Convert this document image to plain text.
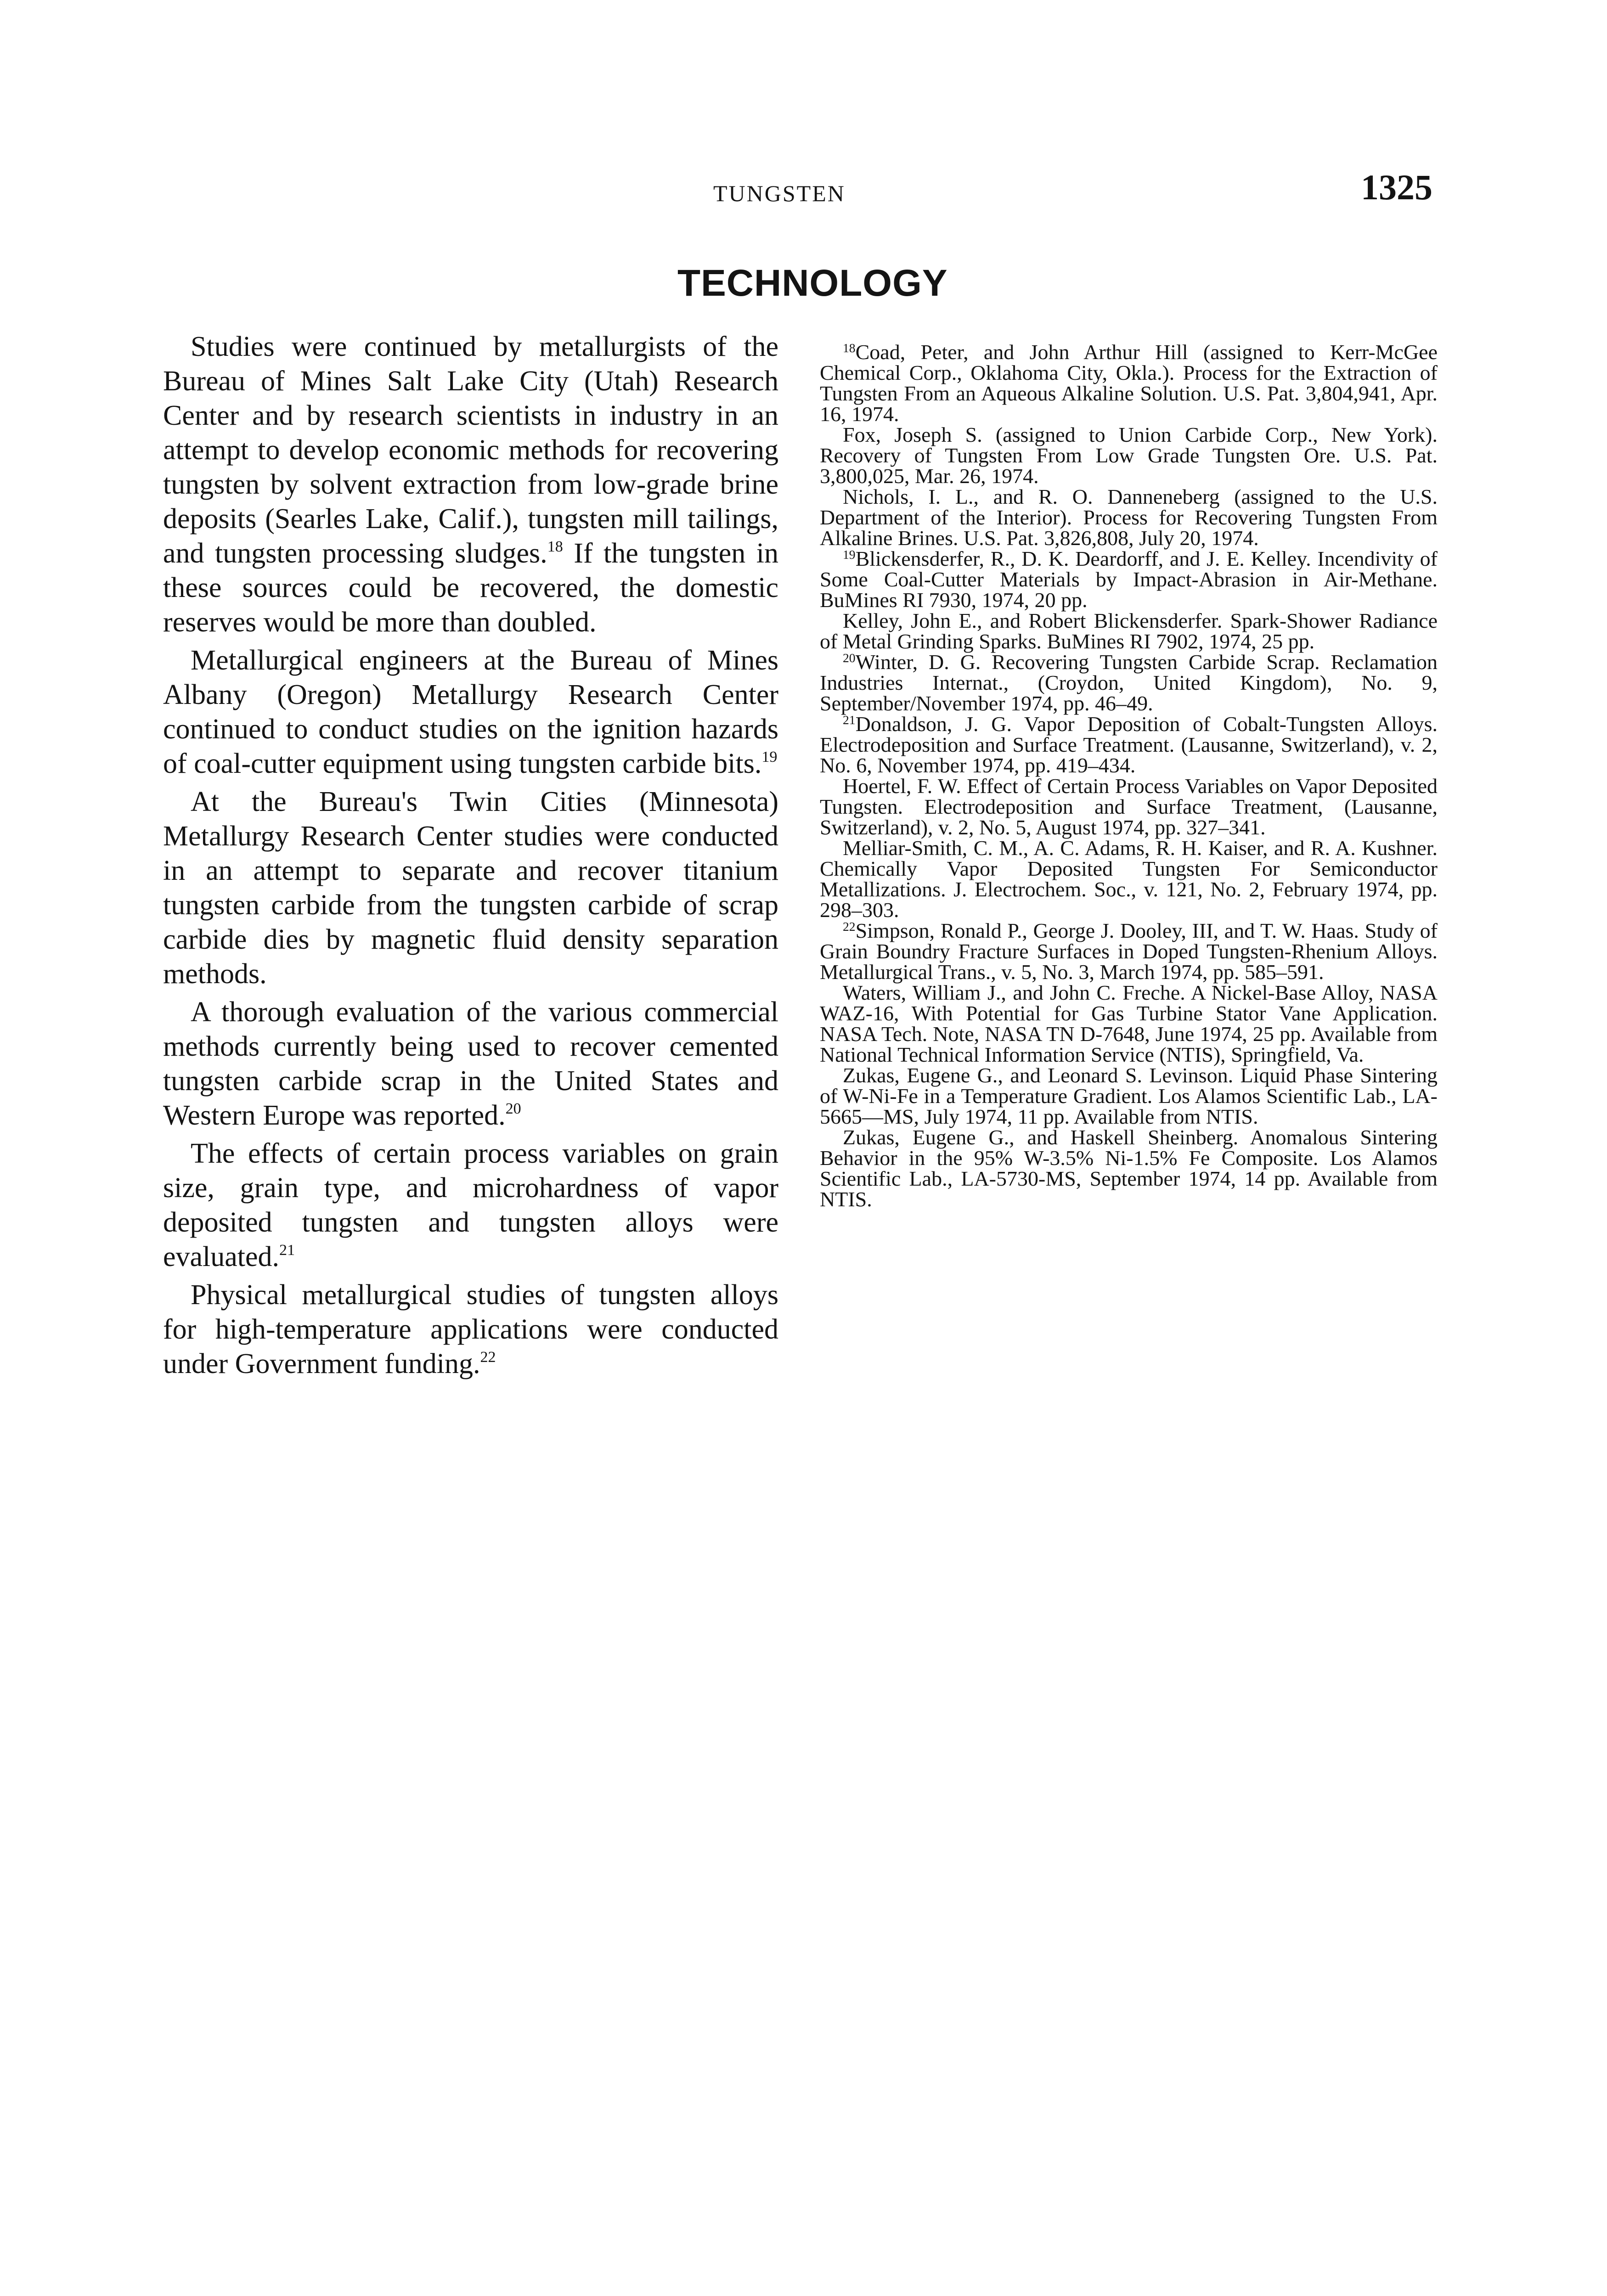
TUNGSTEN	1325
TECHNOLOGY

Studies were continued by metallurgists of the Bureau of Mines Salt Lake City (Utah) Research Center and by research scientists in industry in an attempt to develop economic methods for recovering tungsten by solvent extraction from low-grade brine deposits (Searles Lake, Calif.), tungsten mill tailings, and tungsten processing sludges.$^{18}$ If the tungsten in these sources could be recovered, the domestic reserves would be more than doubled.

Metallurgical engineers at the Bureau of Mines Albany (Oregon) Metallurgy Research Center continued to conduct studies on the ignition hazards of coal-cutter equipment using tungsten carbide bits.$^{19}$

At the Bureau's Twin Cities (Minnesota) Metallurgy Research Center studies were conducted in an attempt to separate and recover titanium tungsten carbide from the tungsten carbide of scrap carbide dies by magnetic fluid density separation methods.

A thorough evaluation of the various commercial methods currently being used to recover cemented tungsten carbide scrap in the United States and Western Europe was reported.$^{20}$

The effects of certain process variables on grain size, grain type, and microhardness of vapor deposited tungsten and tungsten alloys were evaluated.$^{21}$

Physical metallurgical studies of tungsten alloys for high-temperature applications were conducted under Government funding.$^{22}$

$^{18}$Coad, Peter, and John Arthur Hill (assigned to Kerr-McGee Chemical Corp., Oklahoma City, Okla.). Process for the Extraction of Tungsten From an Aqueous Alkaline Solution. U.S. Pat. 3,804,941, Apr. 16, 1974.

Fox, Joseph S. (assigned to Union Carbide Corp., New York). Recovery of Tungsten From Low Grade Tungsten Ore. U.S. Pat. 3,800,025, Mar. 26, 1974.

Nichols, I. L., and R. O. Danneneberg (assigned to the U.S. Department of the Interior). Process for Recovering Tungsten From Alkaline Brines. U.S. Pat. 3,826,808, July 20, 1974.

$^{19}$Blickensderfer, R., D. K. Deardorff, and J. E. Kelley. Incendivity of Some Coal-Cutter Materials by Impact-Abrasion in Air-Methane. BuMines RI 7930, 1974, 20 pp.

Kelley, John E., and Robert Blickensderfer. Spark-Shower Radiance of Metal Grinding Sparks. BuMines RI 7902, 1974, 25 pp.

$^{20}$Winter, D. G. Recovering Tungsten Carbide Scrap. Reclamation Industries Internat., (Croydon, United Kingdom), No. 9, September/November 1974, pp. 46–49.

$^{21}$Donaldson, J. G. Vapor Deposition of Cobalt-Tungsten Alloys. Electrodeposition and Surface Treatment. (Lausanne, Switzerland), v. 2, No. 6, November 1974, pp. 419–434.

Hoertel, F. W. Effect of Certain Process Variables on Vapor Deposited Tungsten. Electrodeposition and Surface Treatment, (Lausanne, Switzerland), v. 2, No. 5, August 1974, pp. 327–341.

Melliar-Smith, C. M., A. C. Adams, R. H. Kaiser, and R. A. Kushner. Chemically Vapor Deposited Tungsten For Semiconductor Metallizations. J. Electrochem. Soc., v. 121, No. 2, February 1974, pp. 298–303.

$^{22}$Simpson, Ronald P., George J. Dooley, III, and T. W. Haas. Study of Grain Boundry Fracture Surfaces in Doped Tungsten-Rhenium Alloys. Metallurgical Trans., v. 5, No. 3, March 1974, pp. 585–591.

Waters, William J., and John C. Freche. A Nickel-Base Alloy, NASA WAZ-16, With Potential for Gas Turbine Stator Vane Application. NASA Tech. Note, NASA TN D-7648, June 1974, 25 pp. Available from National Technical Information Service (NTIS), Springfield, Va.

Zukas, Eugene G., and Leonard S. Levinson. Liquid Phase Sintering of W-Ni-Fe in a Temperature Gradient. Los Alamos Scientific Lab., LA-5665—MS, July 1974, 11 pp. Available from NTIS.

Zukas, Eugene G., and Haskell Sheinberg. Anomalous Sintering Behavior in the 95% W-3.5% Ni-1.5% Fe Composite. Los Alamos Scientific Lab., LA-5730-MS, September 1974, 14 pp. Available from NTIS.
